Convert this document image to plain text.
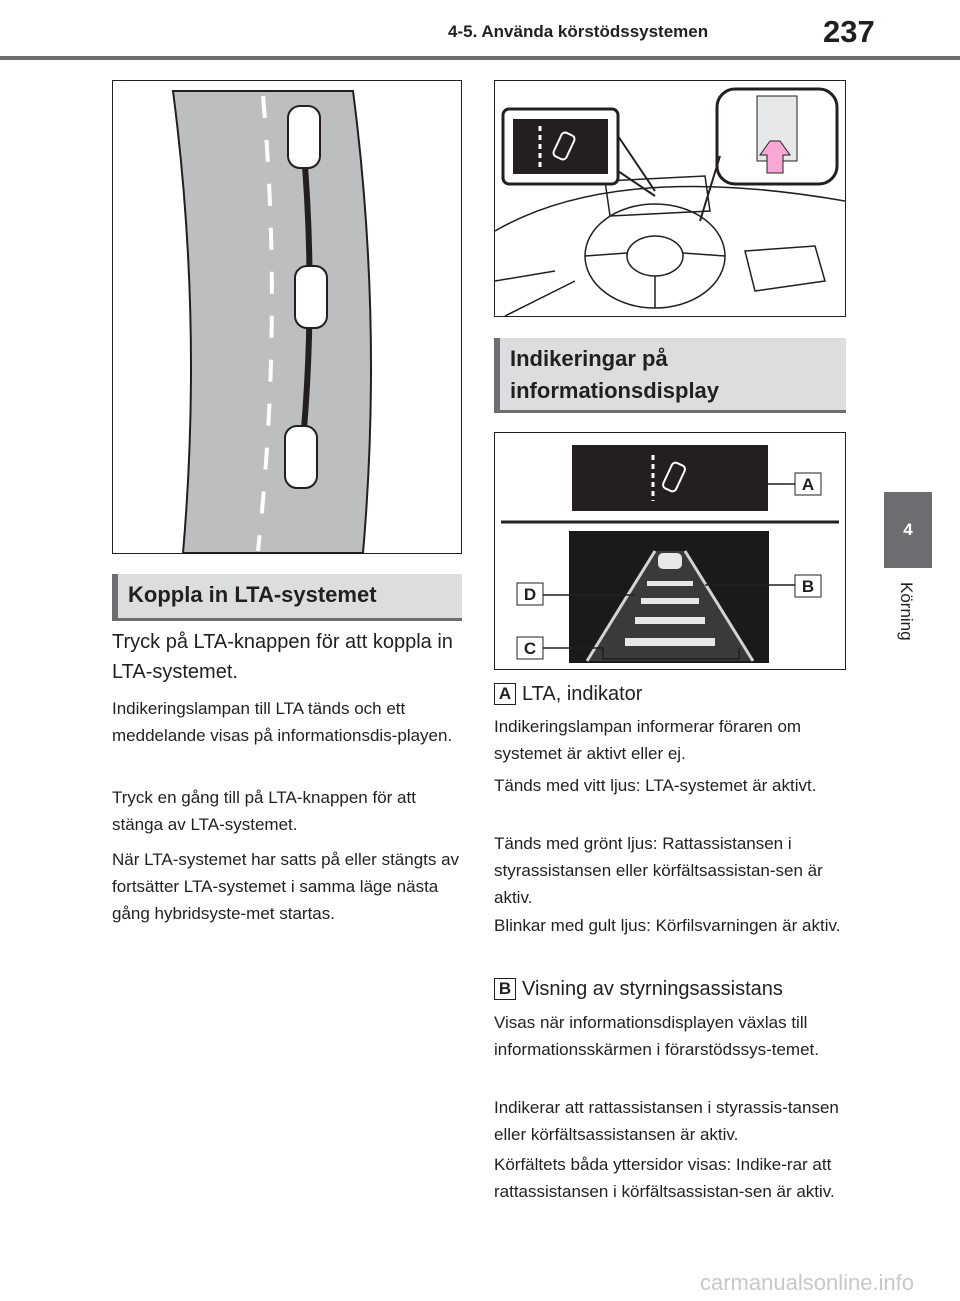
4-5. Använda körstödssystemen	237
4
Körning
Koppla in LTA-systemet
Tryck på LTA-knappen för att koppla in LTA-systemet.
Indikeringslampan till LTA tänds och ett meddelande visas på informationsdis-playen.
Tryck en gång till på LTA-knappen för att stänga av LTA-systemet.
När LTA-systemet har satts på eller stängts av fortsätter LTA-systemet i samma läge nästa gång hybridsyste-met startas.
Indikeringar på informationsdisplay
A
D	B
C
A LTA, indikator
Indikeringslampan informerar föraren om systemet är aktivt eller ej.
Tänds med vitt ljus: LTA-systemet är aktivt.
Tänds med grönt ljus: Rattassistansen i styrassistansen eller körfältsassistan-sen är aktiv.
Blinkar med gult ljus: Körfilsvarningen är aktiv.
B Visning av styrningsassistans
Visas när informationsdisplayen växlas till informationsskärmen i förarstödssys-temet.
Indikerar att rattassistansen i styrassis-tansen eller körfältsassistansen är aktiv.
Körfältets båda yttersidor visas: Indike-rar att rattassistansen i körfältsassistan-sen är aktiv.
carmanualsonline.info
